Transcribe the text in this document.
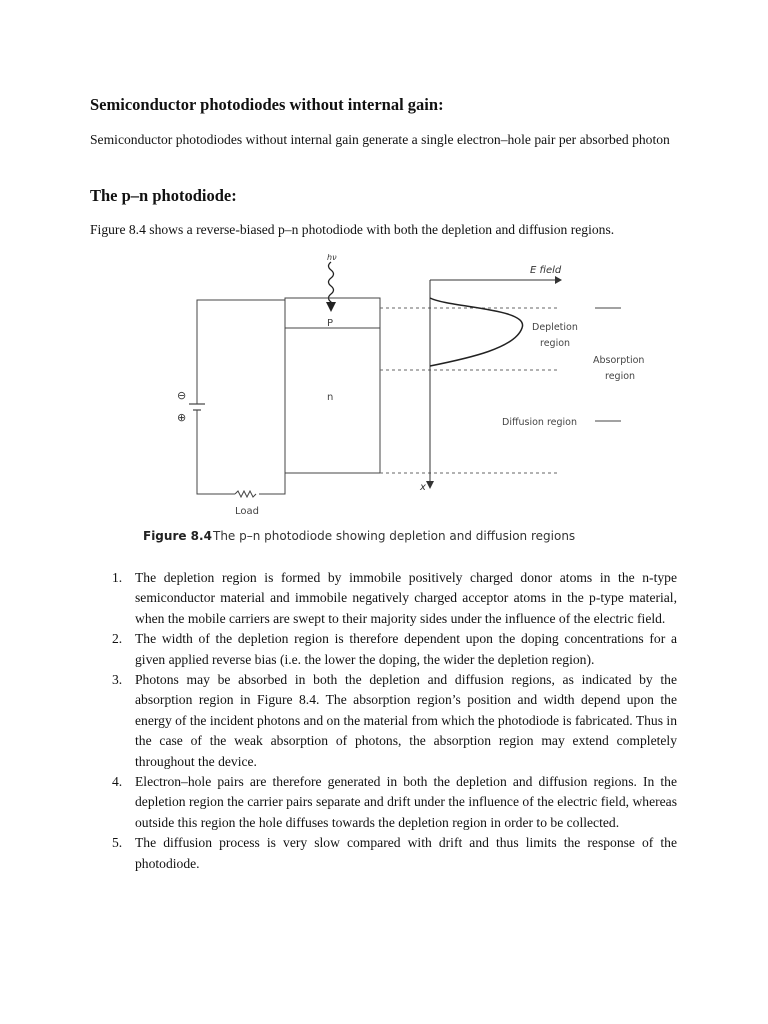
Semiconductor photodiodes without internal gain:

Semiconductor photodiodes without internal gain generate a single electron–hole pair per absorbed photon

The p–n photodiode:

Figure 8.4 shows a reverse-biased p–n photodiode with both the depletion and diffusion regions.

hν
P
n
⊖
⊕
Load
E field
x
Depletion
region
Absorption
region
Diffusion region
Figure 8.4 The p–n photodiode showing depletion and diffusion regions
1. The depletion region is formed by immobile positively charged donor atoms in the n-type semiconductor material and immobile negatively charged acceptor atoms in the p-type material, when the mobile carriers are swept to their majority sides under the influence of the electric field.
2. The width of the depletion region is therefore dependent upon the doping concentrations for a given applied reverse bias (i.e. the lower the doping, the wider the depletion region).
3. Photons may be absorbed in both the depletion and diffusion regions, as indicated by the absorption region in Figure 8.4. The absorption region’s position and width depend upon the energy of the incident photons and on the material from which the photodiode is fabricated. Thus in the case of the weak absorption of photons, the absorption region may extend completely throughout the device.
4. Electron–hole pairs are therefore generated in both the depletion and diffusion regions. In the depletion region the carrier pairs separate and drift under the influence of the electric field, whereas outside this region the hole diffuses towards the depletion region in order to be collected.
5. The diffusion process is very slow compared with drift and thus limits the response of the photodiode.
